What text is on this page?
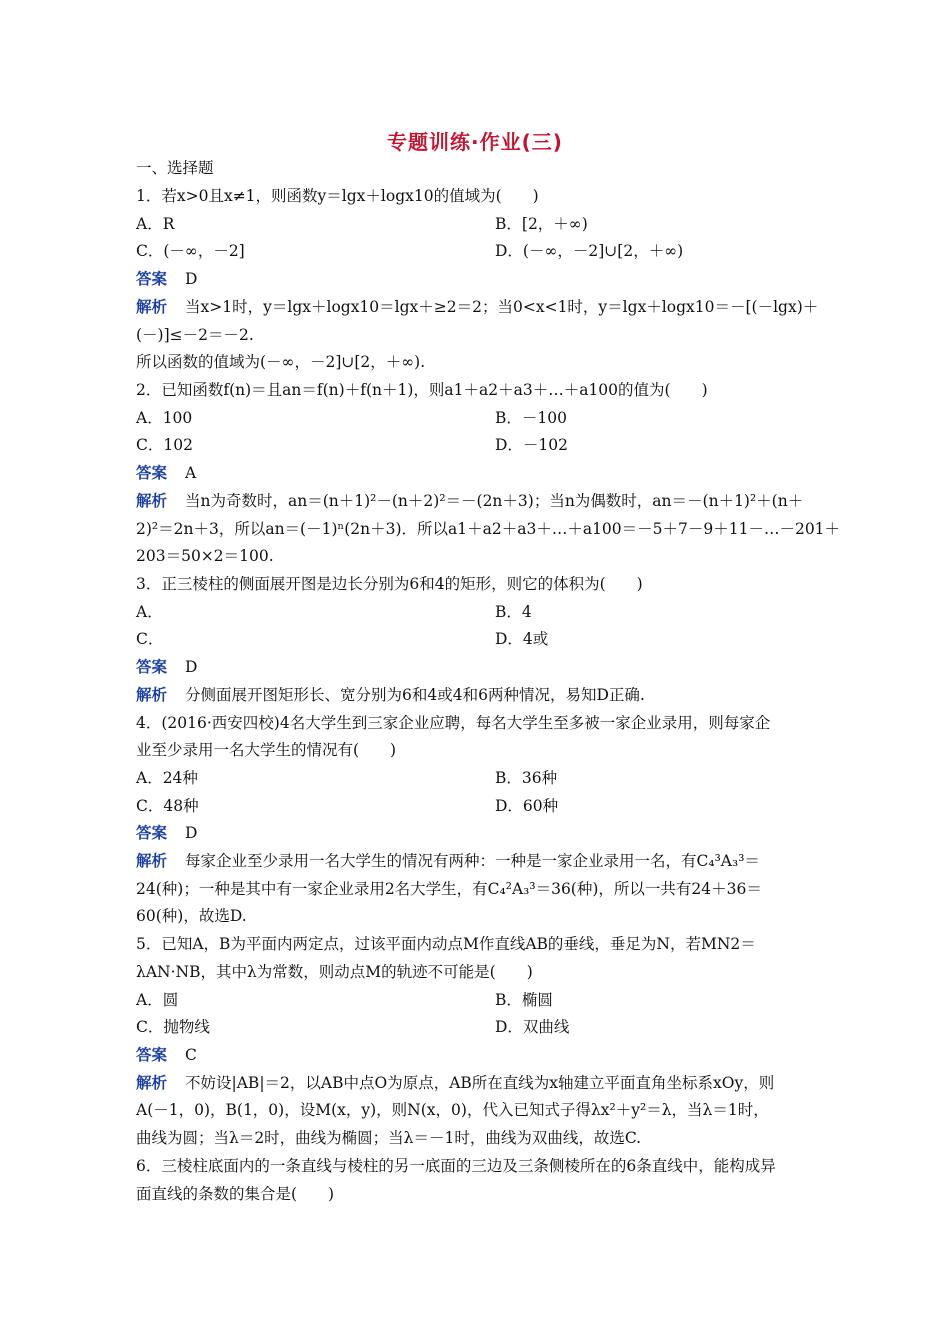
专题训练·作业(三)
一、选择题
1．若x>0且x≠1，则函数y＝lgx＋logx10的值域为(　　)
A．R	B．[2，＋∞)
C．(－∞，－2]	D．(－∞，－2]∪[2，＋∞)
答案 D
解析 当x>1时，y＝lgx＋logx10＝lgx＋≥2＝2；当0<x<1时，y＝lgx＋logx10＝－[(－lgx)＋
(－)]≤－2＝－2.
所以函数的值域为(－∞，－2]∪[2，＋∞).
2．已知函数f(n)＝且an＝f(n)＋f(n＋1)，则a1＋a2＋a3＋…＋a100的值为(　　)
A．100	B．－100
C．102	D．－102
答案 A
解析 当n为奇数时，an＝(n＋1)²－(n＋2)²＝－(2n＋3)；当n为偶数时，an＝－(n＋1)²＋(n＋
2)²＝2n＋3，所以an＝(－1)ⁿ(2n＋3)．所以a1＋a2＋a3＋…＋a100＝－5＋7－9＋11－…－201＋
203＝50×2＝100.
3．正三棱柱的侧面展开图是边长分别为6和4的矩形，则它的体积为(　　)
A．	B．4
C．	D．4或
答案 D
解析 分侧面展开图矩形长、宽分别为6和4或4和6两种情况，易知D正确.
4．(2016·西安四校)4名大学生到三家企业应聘，每名大学生至多被一家企业录用，则每家企
业至少录用一名大学生的情况有(　　)
A．24种	B．36种
C．48种	D．60种
答案 D
解析 每家企业至少录用一名大学生的情况有两种：一种是一家企业录用一名，有C₄³A₃³＝
24(种)；一种是其中有一家企业录用2名大学生，有C₄²A₃³＝36(种)，所以一共有24＋36＝
60(种)，故选D.
5．已知A，B为平面内两定点，过该平面内动点M作直线AB的垂线，垂足为N，若MN2＝
λAN·NB，其中λ为常数，则动点M的轨迹不可能是(　　)
A．圆	B．椭圆
C．抛物线	D．双曲线
答案 C
解析 不妨设|AB|＝2，以AB中点O为原点，AB所在直线为x轴建立平面直角坐标系xOy，则
A(－1，0)，B(1，0)，设M(x，y)，则N(x，0)，代入已知式子得λx²＋y²＝λ，当λ＝1时，
曲线为圆；当λ＝2时，曲线为椭圆；当λ＝－1时，曲线为双曲线，故选C.
6．三棱柱底面内的一条直线与棱柱的另一底面的三边及三条侧棱所在的6条直线中，能构成异
面直线的条数的集合是(　　)
